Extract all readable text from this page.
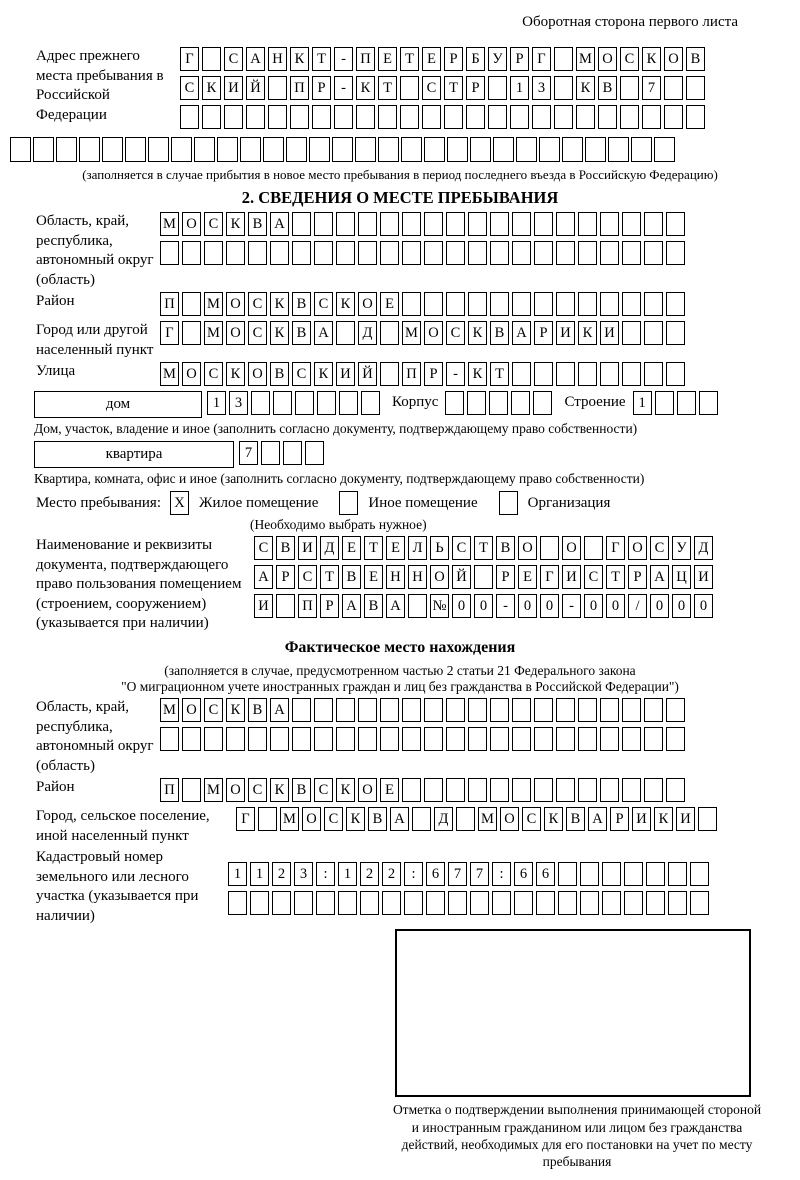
Оборотная сторона первого листа
Адрес прежнего места пребывания в Российской Федерации
Г	С А Н К Т	- П Е Т Е Р Б У Р Г	М О С К О В
С К И Й П Р	-	К Т	С Т Р	1	3	К В	7
(заполняется в случае прибытия в новое место пребывания в период последнего въезда в Российскую Федерацию)
2. СВЕДЕНИЯ О МЕСТЕ ПРЕБЫВАНИЯ
Область, край, республика, автономный округ (область)
М О С К В А
Район	П М О С К В С К О Е
Город или другой населенный пункт
Г	М О С К В А	Д	М О С К В А Р И К И
Улица	М О С К О В С К И Й П Р	-	К Т
дом	1	3	Корпус	Строение 1
Дом, участок, владение и иное (заполнить согласно документу, подтверждающему право собственности)
квартира	7
Квартира, комната, офис и иное (заполнить согласно документу, подтверждающему право собственности)
Место пребывания: Х Жилое помещение	Иное помещение	Организация
(Необходимо выбрать нужное)
Наименование и реквизиты документа, подтверждающего право пользования помещением (строением, сооружением) (указывается при наличии)
С В И Д Е Т Е Л Ь С Т В О О	Г О С У Д
А Р С Т В Е Н Н О Й	Р Е Г И С Т Р А Ц И
И П Р А В А № 0	0	-	0	0	-	0	0	/	0	0	0
Фактическое место нахождения
(заполняется в случае, предусмотренном частью 2 статьи 21 Федерального закона
"О миграционном учете иностранных граждан и лиц без гражданства в Российской Федерации")
Область, край, республика, автономный округ (область)
М О С К В А
Район	П М О С К В С К О Е
Город, сельское поселение, иной населенный пункт
Г	М О С К В А	Д	М О С К В А Р И К И
Кадастровый номер земельного или лесного участка (указывается при наличии)
1	1	2	3	:	1	2	2	:	6	7	7	:	6	6
Отметка о подтверждении выполнения принимающей стороной и иностранным гражданином или лицом без гражданства действий, необходимых для его постановки на учет по месту пребывания
